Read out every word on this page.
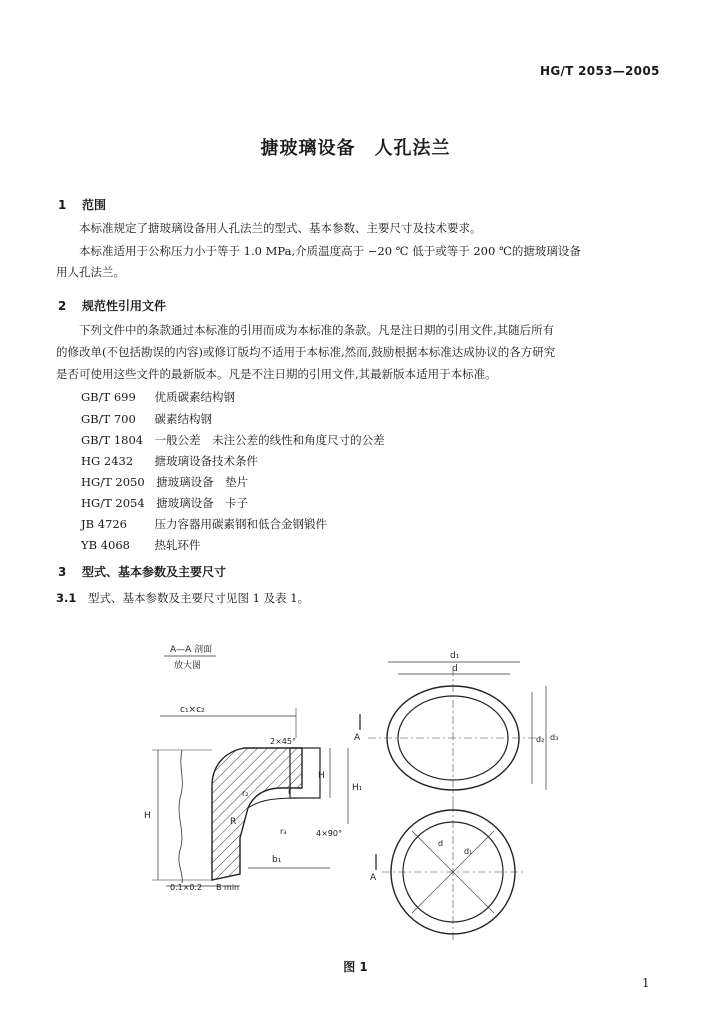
HG/T 2053—2005
搪玻璃设备　人孔法兰
1 范围
本标准规定了搪玻璃设备用人孔法兰的型式、基本参数、主要尺寸及技术要求。
本标准适用于公称压力小于等于 1.0 MPa,介质温度高于 −20 ℃ 低于或等于 200 ℃的搪玻璃设备
用人孔法兰。
2 规范性引用文件
下列文件中的条款通过本标准的引用而成为本标准的条款。凡是注日期的引用文件,其随后所有
的修改单(不包括勘误的内容)或修订版均不适用于本标准,然而,鼓励根据本标准达成协议的各方研究
是否可使用这些文件的最新版本。凡是不注日期的引用文件,其最新版本适用于本标准。
GB/T 699　 优质碳素结构钢
GB/T 700　 碳素结构钢
GB/T 1804　 一般公差　未注公差的线性和角度尺寸的公差
HG 2432　 搪玻璃设备技术条件
HG/T 2050　 搪玻璃设备　垫片
HG/T 2054　 搪玻璃设备　卡子
JB 4726　 压力容器用碳素钢和低合金钢锻件
YB 4068　 热轧环件
3 型式、基本参数及主要尺寸
3.1 型式、基本参数及主要尺寸见图 1 及表 1。
A—A 剖面
放大图
c₁×c₂
2×45°
H
H
H₁
R
r₂	r
r₃	4×90°
b₁
0.1×0.2 B min
d₁
d
d₂ d₃
A
d
d₁
A
图 1
1
